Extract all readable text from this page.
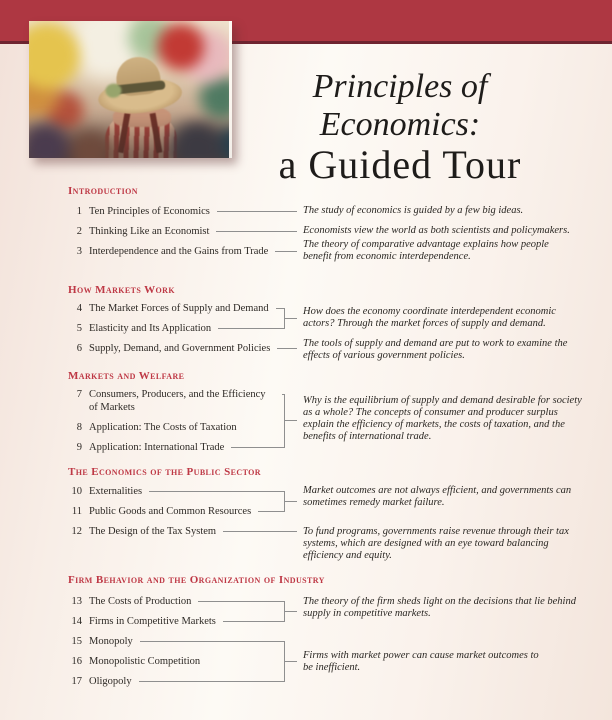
Principles of Economics:
a Guided Tour
Introduction
1 Ten Principles of Economics
2 Thinking Like an Economist
3 Interdependence and the Gains from Trade
How Markets Work
4 The Market Forces of Supply and Demand
5 Elasticity and Its Application
6 Supply, Demand, and Government Policies
Markets and Welfare
7 Consumers, Producers, and the Efficiency of Markets
8 Application: The Costs of Taxation
9 Application: International Trade
The Economics of the Public Sector
10 Externalities
11 Public Goods and Common Resources
12 The Design of the Tax System
Firm Behavior and the Organization of Industry
13 The Costs of Production
14 Firms in Competitive Markets
15 Monopoly
16 Monopolistic Competition
17 Oligopoly
The study of economics is guided by a few big ideas.
Economists view the world as both scientists and policymakers.
The theory of comparative advantage explains how people benefit from economic interdependence.
How does the economy coordinate interdependent economic actors? Through the market forces of supply and demand.
The tools of supply and demand are put to work to examine the effects of various government policies.
Why is the equilibrium of supply and demand desirable for society as a whole? The concepts of consumer and producer surplus explain the efficiency of markets, the costs of taxation, and the benefits of international trade.
Market outcomes are not always efficient, and governments can sometimes remedy market failure.
To fund programs, governments raise revenue through their tax systems, which are designed with an eye toward balancing efficiency and equity.
The theory of the firm sheds light on the decisions that lie behind supply in competitive markets.
Firms with market power can cause market outcomes to be inefficient.
